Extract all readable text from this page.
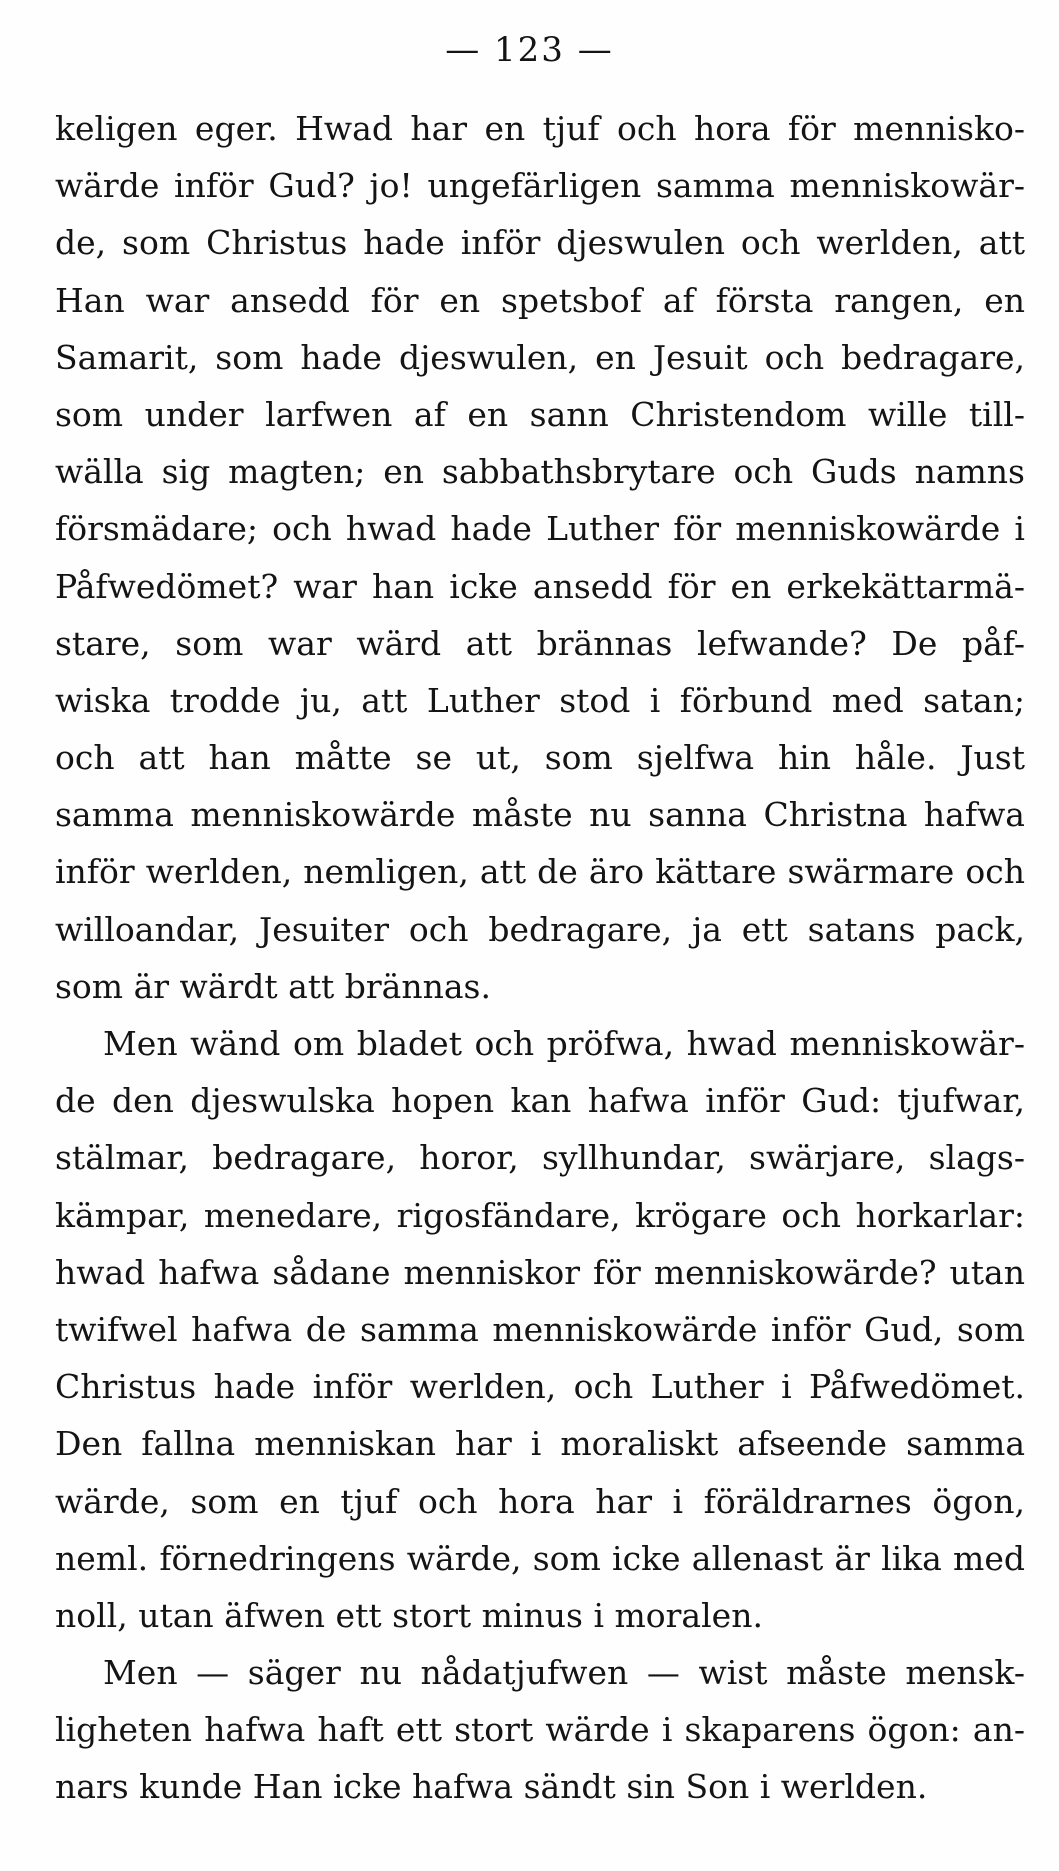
— 123 —
keligen eger. Hwad har en tjuf och hora för mennisko-
wärde inför Gud? jo! ungefärligen samma menniskowär-
de, som Christus hade inför djeswulen och werlden, att
Han war ansedd för en spetsbof af första rangen, en
Samarit, som hade djeswulen, en Jesuit och bedragare,
som under larfwen af en sann Christendom wille till-
wälla sig magten; en sabbathsbrytare och Guds namns
försmädare; och hwad hade Luther för menniskowärde i
Påfwedömet? war han icke ansedd för en erkekättarmä-
stare, som war wärd att brännas lefwande? De påf-
wiska trodde ju, att Luther stod i förbund med satan;
och att han måtte se ut, som sjelfwa hin håle. Just
samma menniskowärde måste nu sanna Christna hafwa
inför werlden, nemligen, att de äro kättare swärmare och
willoandar, Jesuiter och bedragare, ja ett satans pack,
som är wärdt att brännas.
Men wänd om bladet och pröfwa, hwad menniskowär-
de den djeswulska hopen kan hafwa inför Gud: tjufwar,
stälmar, bedragare, horor, syllhundar, swärjare, slags-
kämpar, menedare, rigosfändare, krögare och horkarlar:
hwad hafwa sådane menniskor för menniskowärde? utan
twifwel hafwa de samma menniskowärde inför Gud, som
Christus hade inför werlden, och Luther i Påfwedömet.
Den fallna menniskan har i moraliskt afseende samma
wärde, som en tjuf och hora har i föräldrarnes ögon,
neml. förnedringens wärde, som icke allenast är lika med
noll, utan äfwen ett stort minus i moralen.
Men — säger nu nådatjufwen — wist måste mensk-
ligheten hafwa haft ett stort wärde i skaparens ögon: an-
nars kunde Han icke hafwa sändt sin Son i werlden.
